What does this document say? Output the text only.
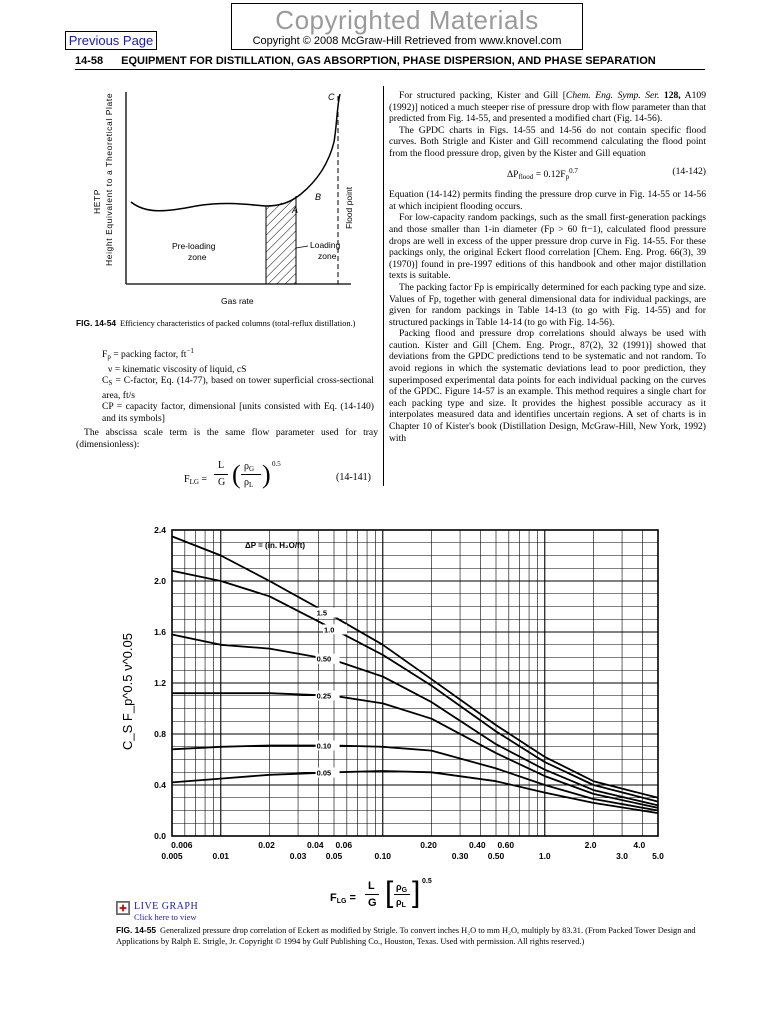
Copyrighted Materials
Copyright © 2008 McGraw-Hill Retrieved from www.knovel.com
Previous Page
14-58 EQUIPMENT FOR DISTILLATION, GAS ABSORPTION, PHASE DISPERSION, AND PHASE SEPARATION
Height Equivalent to a Theoretical Plate
HETP	A
B
C
Flood point
Pre-loading
zone
Loading
zone
Gas rate
FIG. 14-54 Efficiency characteristics of packed columns (total-reflux distillation.)
$F_p$ = packing factor, $ft^{-1}$
ν = kinematic viscosity of liquid, cS
$C_S$ = C-factor, Eq. (14-77), based on tower superficial cross-sectional area, ft/s
CP = capacity factor, dimensional [units consisted with Eq. (14-140) and its symbols]
The abscissa scale term is the same flow parameter used for tray (dimensionless):
$F_{LG}$ =
L
G ( $\rho_G$
$\rho_L$ ) 0.5
(14-141)

For structured packing, Kister and Gill [Chem. Eng. Symp. Ser. 128, A109 (1992)] noticed a much steeper rise of pressure drop with flow parameter than that predicted from Fig. 14-55, and presented a modified chart (Fig. 14-56).

The GPDC charts in Figs. 14-55 and 14-56 do not contain specific flood curves. Both Strigle and Kister and Gill recommend calculating the flood point from the flood pressure drop, given by the Kister and Gill equation

$\Delta P_{flood} = 0.12F_p^{0.7}$	(14-142)

Equation (14-142) permits finding the pressure drop curve in Fig. 14-55 or 14-56 at which incipient flooding occurs.

For low-capacity random packings, such as the small first-generation packings and those smaller than 1-in diameter (Fp > 60 ft−1), calculated flood pressure drops are well in excess of the upper pressure drop curve in Fig. 14-55. For these packings only, the original Eckert flood correlation [Chem. Eng. Prog. 66(3), 39 (1970)] found in pre-1997 editions of this handbook and other major distillation texts is suitable.

The packing factor Fp is empirically determined for each packing type and size. Values of Fp, together with general dimensional data for individual packings, are given for random packings in Table 14-13 (to go with Fig. 14-55) and for structured packings in Table 14-14 (to go with Fig. 14-56).

Packing flood and pressure drop correlations should always be used with caution. Kister and Gill [Chem. Eng. Progr., 87(2), 32 (1991)] showed that deviations from the GPDC predictions tend to be systematic and not random. To avoid regions in which the systematic deviations lead to poor prediction, they superimposed experimental data points for each individual packing on the curves of the GPDC. Figure 14-57 is an example. This method requires a single chart for each packing type and size. It provides the highest possible accuracy as it interpolates measured data and identifies uncertain regions. A set of charts is in Chapter 10 of Kister's book (Distillation Design, McGraw-Hill, New York, 1992) with

1.5
1.0
0.50
0.25
0.10
0.05
0.0
0.4
0.8
1.2
1.6
2.0
2.4
0.006	0.02	0.04 0.06	0.20	0.40 0.60	2.0	4.0
0.005	0.01	0.03 0.05	0.10	0.30 0.50	1.0	3.0	5.0
C_S F_p^0.5 ν^0.05
ΔP = (in. H₂O/ft)
$F_{LG}$ =
L
G [ $\rho_G$
$\rho_L$ ] 0.5
LIVE GRAPH
Click here to view
FIG. 14-55 Generalized pressure drop correlation of Eckert as modified by Strigle. To convert inches H₂O to mm H₂O, multiply by 83.31. (From Packed Tower Design and Applications by Ralph E. Strigle, Jr. Copyright © 1994 by Gulf Publishing Co., Houston, Texas. Used with permission. All rights reserved.)
